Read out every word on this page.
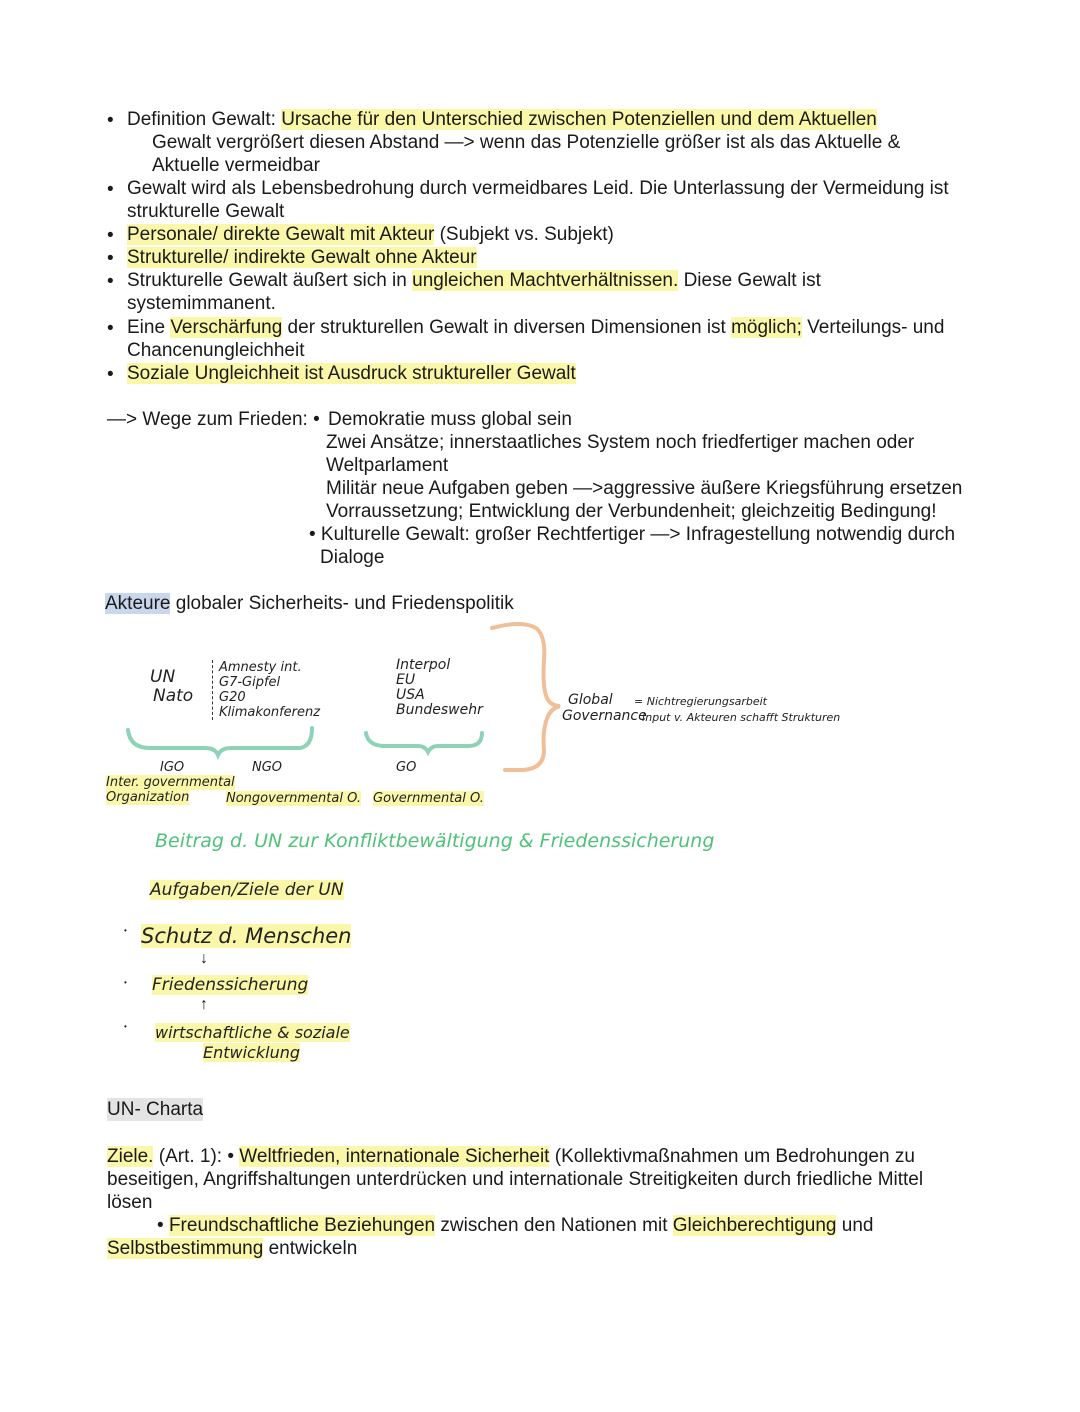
• Definition Gewalt: Ursache für den Unterschied zwischen Potenziellen und dem Aktuellen
Gewalt vergrößert diesen Abstand —> wenn das Potenzielle größer ist als das Aktuelle &
Aktuelle vermeidbar
• Gewalt wird als Lebensbedrohung durch vermeidbares Leid. Die Unterlassung der Vermeidung ist
strukturelle Gewalt
• Personale/ direkte Gewalt mit Akteur (Subjekt vs. Subjekt)
• Strukturelle/ indirekte Gewalt ohne Akteur
• Strukturelle Gewalt äußert sich in ungleichen Machtverhältnissen. Diese Gewalt ist
systemimmanent.
• Eine Verschärfung der strukturellen Gewalt in diversen Dimensionen ist möglich; Verteilungs- und
Chancenungleichheit
• Soziale Ungleichheit ist Ausdruck struktureller Gewalt
—> Wege zum Frieden: • Demokratie muss global sein
Zwei Ansätze; innerstaatliches System noch friedfertiger machen oder
Weltparlament
Militär neue Aufgaben geben —>aggressive äußere Kriegsführung ersetzen
Vorraussetzung; Entwicklung der Verbundenheit; gleichzeitig Bedingung!
• Kulturelle Gewalt: großer Rechtfertiger —> Infragestellung notwendig durch
Dialoge
Akteure globaler Sicherheits- und Friedenspolitik
UN
Nato
Amnesty int.
G7-Gipfel
G20
Klimakonferenz
Interpol
EU
USA
Bundeswehr
IGO	NGO	GO
Inter. governmental
Organization	Nongovernmental O. Governmental O.
Global
Governance
= Nichtregierungsarbeit
Input v. Akteuren schafft Strukturen
Beitrag d. UN zur Konfliktbewältigung & Friedenssicherung
Aufgaben/Ziele der UN
• Schutz d. Menschen
↓
• Friedenssicherung
↑
• wirtschaftliche & soziale
Entwicklung
UN- Charta
Ziele. (Art. 1): • Weltfrieden, internationale Sicherheit (Kollektivmaßnahmen um Bedrohungen zu
beseitigen, Angriffshaltungen unterdrücken und internationale Streitigkeiten durch friedliche Mittel
lösen
• Freundschaftliche Beziehungen zwischen den Nationen mit Gleichberechtigung und
Selbstbestimmung entwickeln
